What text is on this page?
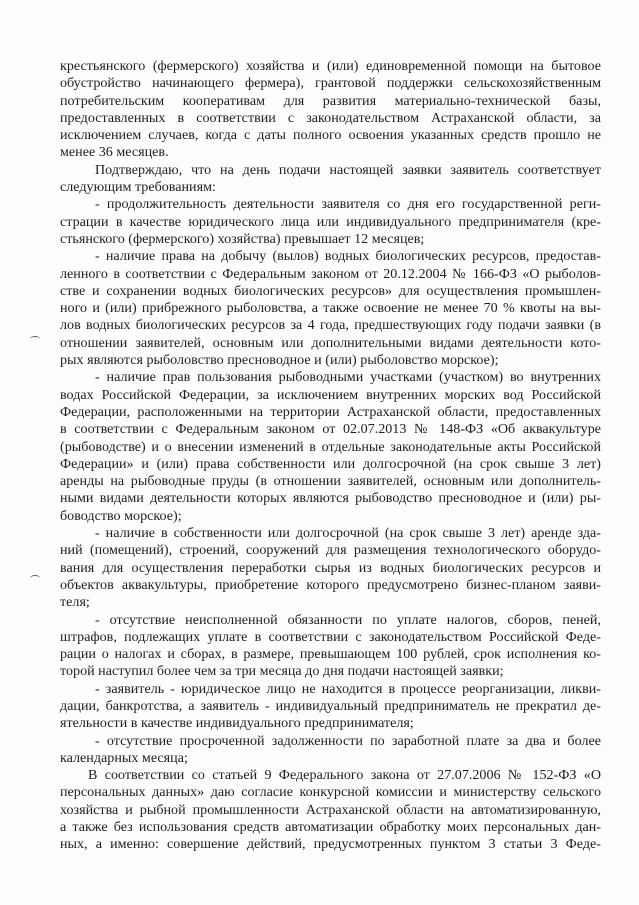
крестьянского (фермерского) хозяйства и (или) единовременной помощи на бытовое
обустройство начинающего фермера), грантовой поддержки сельскохозяйственным
потребительским кооперативам для развития материально-технической базы,
предоставленных в соответствии с законодательством Астраханской области, за
исключением случаев, когда с даты полного освоения указанных средств прошло не
менее 36 месяцев.
Подтверждаю, что на день подачи настоящей заявки заявитель соответствует
следующим требованиям:
- продолжительность деятельности заявителя со дня его государственной реги-
страции в качестве юридического лица или индивидуального предпринимателя (кре-
стьянского (фермерского) хозяйства) превышает 12 месяцев;
- наличие права на добычу (вылов) водных биологических ресурсов, предостав-
ленного в соответствии с Федеральным законом от 20.12.2004 № 166-ФЗ «О рыболов-
стве и сохранении водных биологических ресурсов» для осуществления промышлен-
ного и (или) прибрежного рыболовства, а также освоение не менее 70 % квоты на вы-
лов водных биологических ресурсов за 4 года, предшествующих году подачи заявки (в
отношении заявителей, основным или дополнительными видами деятельности кото-
рых являются рыболовство пресноводное и (или) рыболовство морское);
- наличие прав пользования рыбоводными участками (участком) во внутренних
водах Российской Федерации, за исключением внутренних морских вод Российской
Федерации, расположенными на территории Астраханской области, предоставленных
в соответствии с Федеральным законом от 02.07.2013 № 148-ФЗ «Об аквакультуре
(рыбоводстве) и о внесении изменений в отдельные законодательные акты Российской
Федерации» и (или) права собственности или долгосрочной (на срок свыше 3 лет)
аренды на рыбоводные пруды (в отношении заявителей, основным или дополнитель-
ными видами деятельности которых являются рыбоводство пресноводное и (или) ры-
боводство морское);
- наличие в собственности или долгосрочной (на срок свыше 3 лет) аренде зда-
ний (помещений), строений, сооружений для размещения технологического оборудо-
вания для осуществления переработки сырья из водных биологических ресурсов и
объектов аквакультуры, приобретение которого предусмотрено бизнес-планом заяви-
теля;
- отсутствие неисполненной обязанности по уплате налогов, сборов, пеней,
штрафов, подлежащих уплате в соответствии с законодательством Российской Феде-
рации о налогах и сборах, в размере, превышающем 100 рублей, срок исполнения ко-
торой наступил более чем за три месяца до дня подачи настоящей заявки;
- заявитель - юридическое лицо не находится в процессе реорганизации, ликви-
дации, банкротства, а заявитель - индивидуальный предприниматель не прекратил де-
ятельности в качестве индивидуального предпринимателя;
- отсутствие просроченной задолженности по заработной плате за два и более
календарных месяца;
В соответствии со статьей 9 Федерального закона от 27.07.2006 № 152-ФЗ «О
персональных данных» даю согласие конкурсной комиссии и министерству сельского
хозяйства и рыбной промышленности Астраханской области на автоматизированную,
а также без использования средств автоматизации обработку моих персональных дан-
ных, а именно: совершение действий, предусмотренных пунктом 3 статьи 3 Феде-
